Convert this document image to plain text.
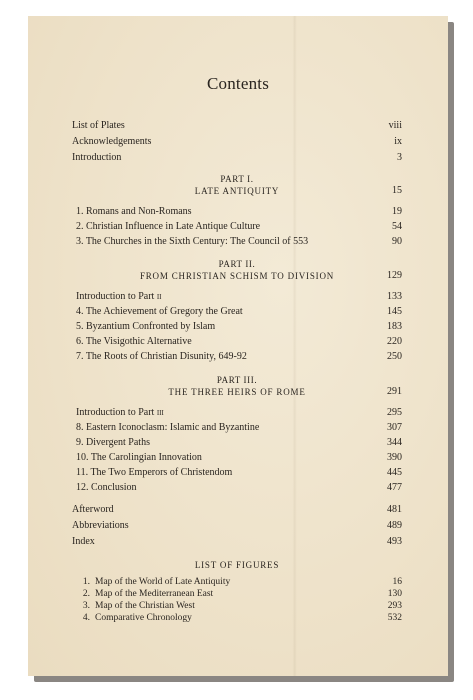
Contents
List of Plates	viii
Acknowledgements	ix
Introduction	3
PART I.
LATE ANTIQUITY	15
1. Romans and Non-Romans	19
2. Christian Influence in Late Antique Culture	54
3. The Churches in the Sixth Century: The Council of 553	90
PART II.
FROM CHRISTIAN SCHISM TO DIVISION	129
Introduction to Part ii	133
4. The Achievement of Gregory the Great	145
5. Byzantium Confronted by Islam	183
6. The Visigothic Alternative	220
7. The Roots of Christian Disunity, 649-92	250
PART III.
THE THREE HEIRS OF ROME	291
Introduction to Part iii	295
8. Eastern Iconoclasm: Islamic and Byzantine	307
9. Divergent Paths	344
10. The Carolingian Innovation	390
11. The Two Emperors of Christendom	445
12. Conclusion	477
Afterword	481
Abbreviations	489
Index	493
LIST OF FIGURES
1. Map of the World of Late Antiquity	16
2. Map of the Mediterranean East	130
3. Map of the Christian West	293
4. Comparative Chronology	532
